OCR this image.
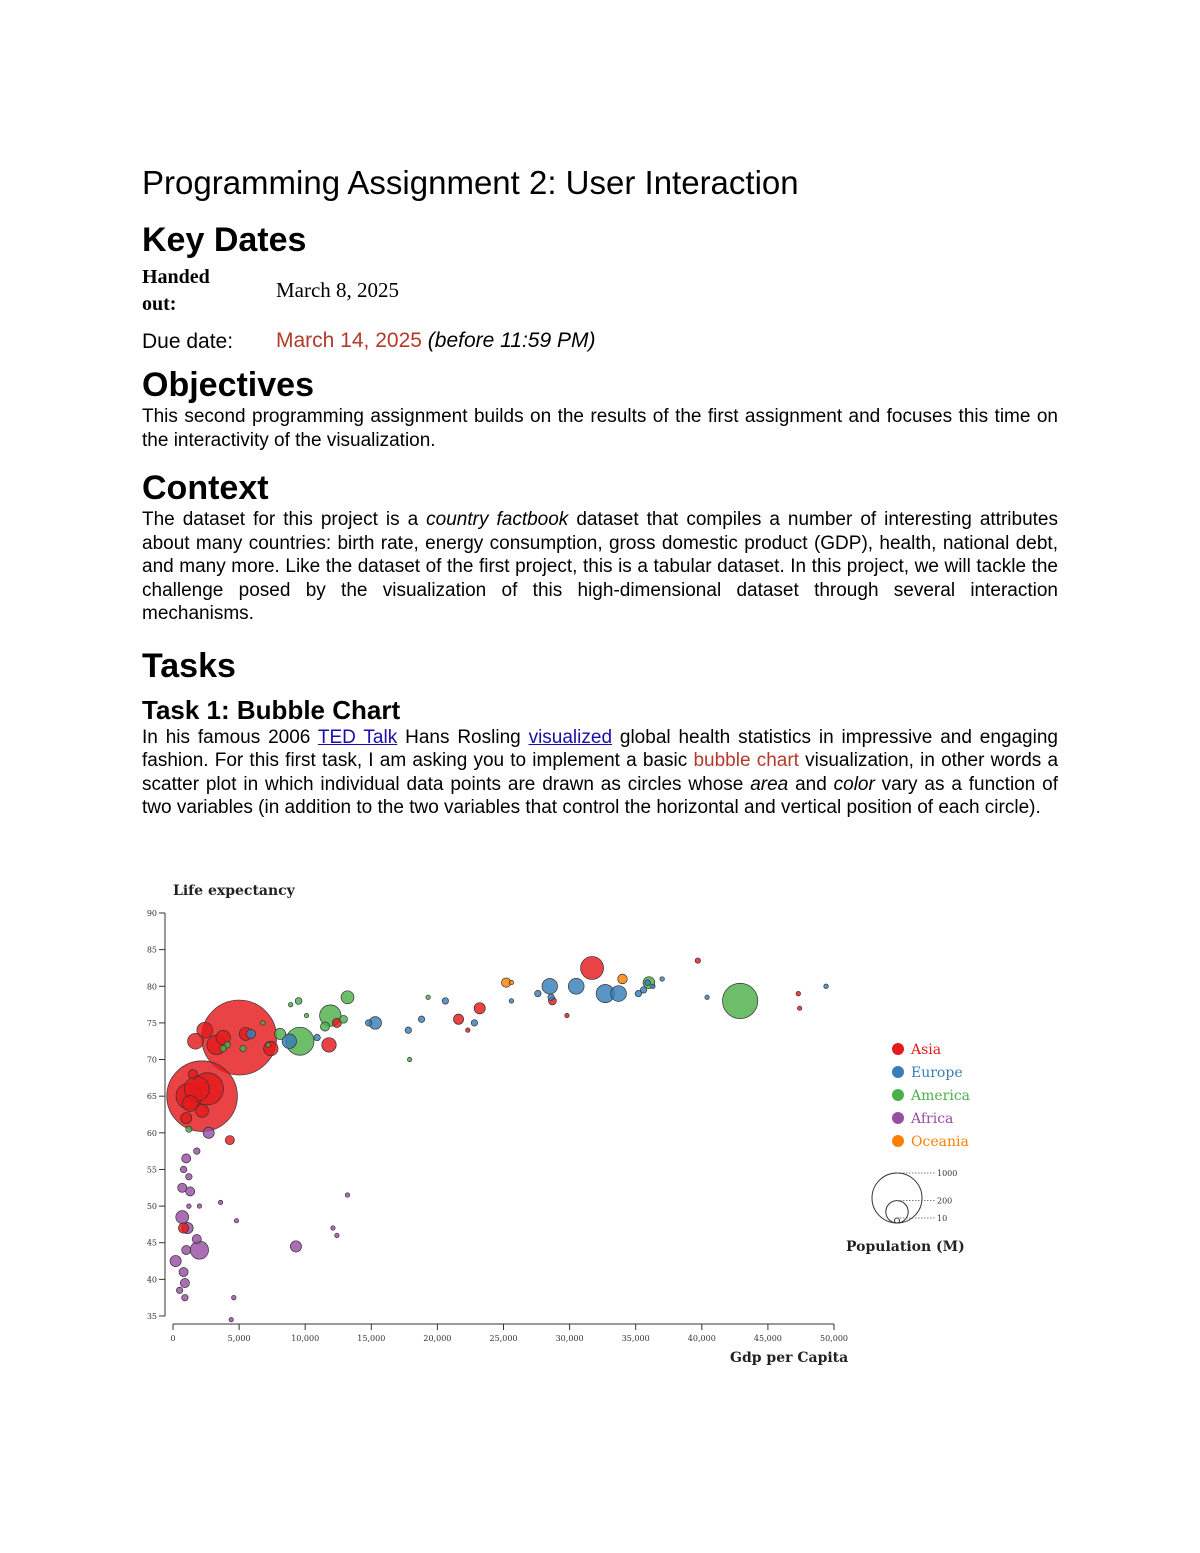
Programming Assignment 2: User Interaction
Key Dates
Handed
out:	March 8, 2025
Due date:	March 14, 2025 (before 11:59 PM)
Objectives

This second programming assignment builds on the results of the first assignment and focuses this time on the interactivity of the visualization.

Context

The dataset for this project is a country factbook dataset that compiles a number of interesting attributes about many countries: birth rate, energy consumption, gross domestic product (GDP), health, national debt, and many more. Like the dataset of the first project, this is a tabular dataset. In this project, we will tackle the challenge posed by the visualization of this high-dimensional dataset through several interaction mechanisms.

Tasks
Task 1: Bubble Chart

In his famous 2006 TED Talk Hans Rosling visualized global health statistics in impressive and engaging fashion. For this first task, I am asking you to implement a basic bubble chart visualization, in other words a scatter plot in which individual data points are drawn as circles whose area and color vary as a function of two variables (in addition to the two variables that control the horizontal and vertical position of each circle).

Life expectancy
Gdp per Capita
35
40
45
50
55
60
65
70
75
80
85
90
0	5,000	10,000	15,000	20,000	25,000	30,000	35,000	40,000	45,000	50,000
Asia
Europe
America
Africa
Oceania
1000
200
10
Population (M)
